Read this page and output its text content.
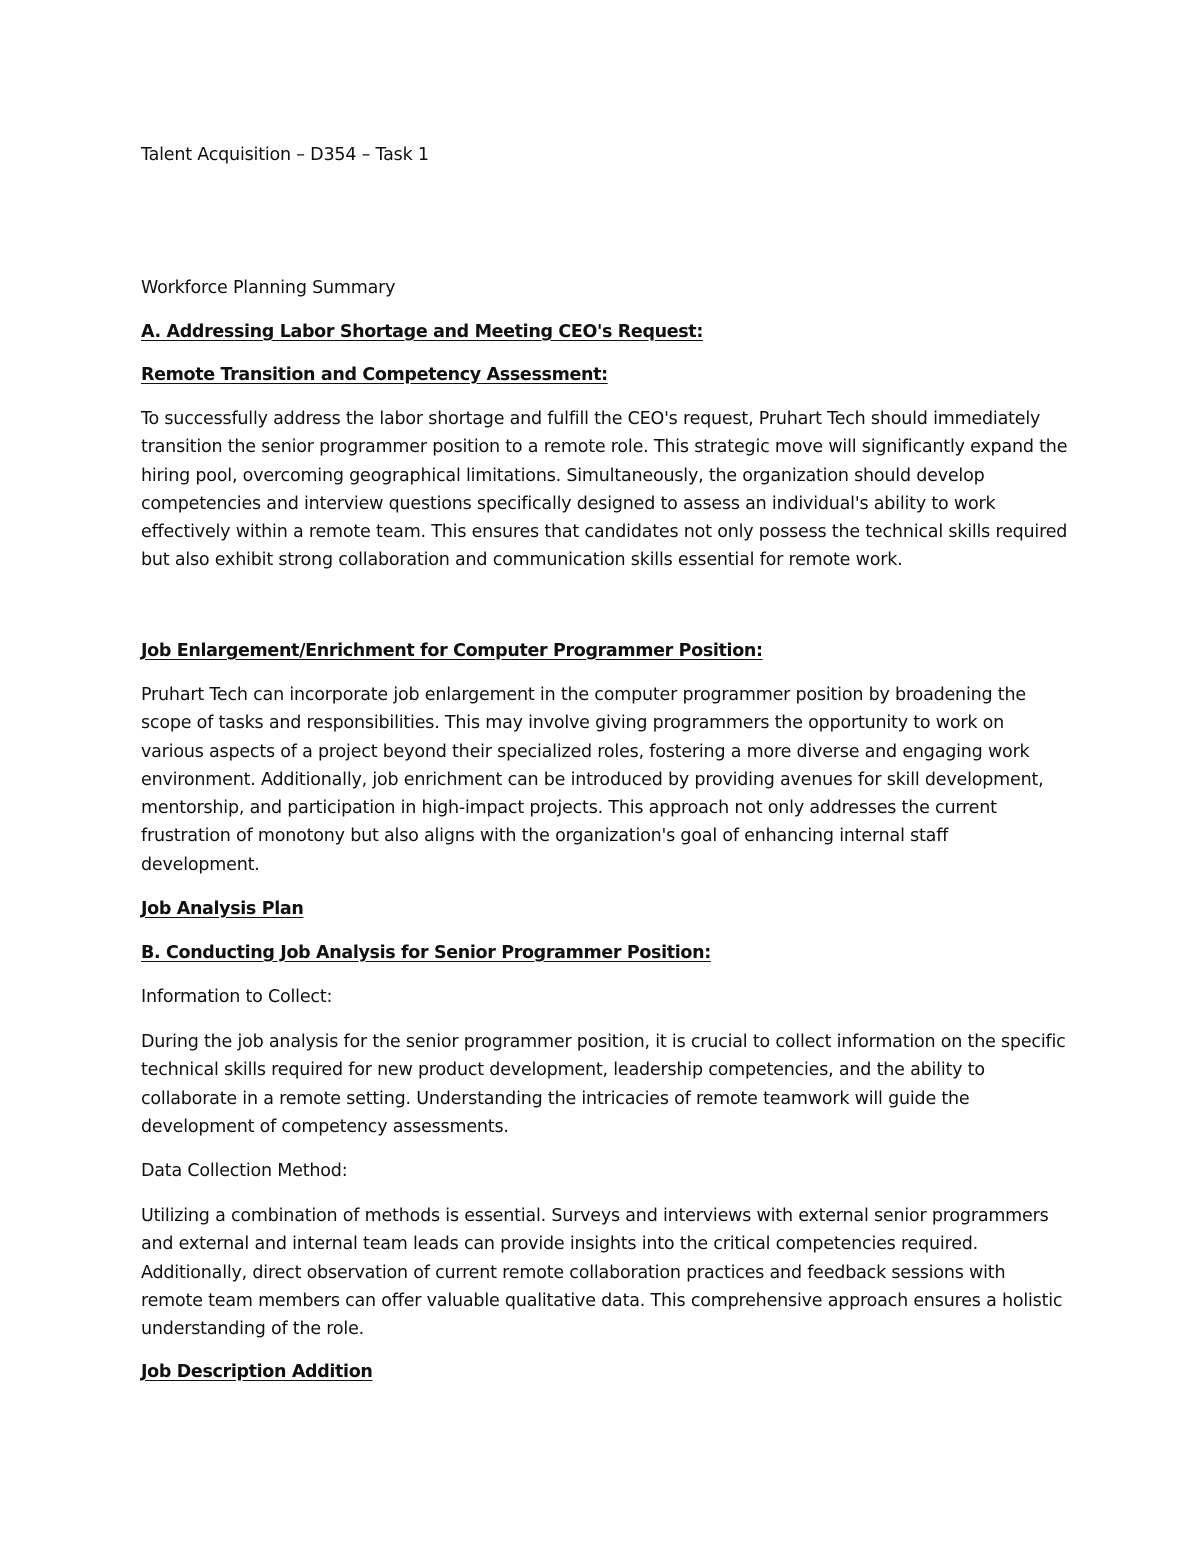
Talent Acquisition – D354 – Task 1

Workforce Planning Summary

A. Addressing Labor Shortage and Meeting CEO's Request:

Remote Transition and Competency Assessment:

To successfully address the labor shortage and fulfill the CEO's request, Pruhart Tech should immediately transition the senior programmer position to a remote role. This strategic move will significantly expand the hiring pool, overcoming geographical limitations. Simultaneously, the organization should develop competencies and interview questions specifically designed to assess an individual's ability to work effectively within a remote team. This ensures that candidates not only possess the technical skills required but also exhibit strong collaboration and communication skills essential for remote work.

Job Enlargement/Enrichment for Computer Programmer Position:

Pruhart Tech can incorporate job enlargement in the computer programmer position by broadening the scope of tasks and responsibilities. This may involve giving programmers the opportunity to work on various aspects of a project beyond their specialized roles, fostering a more diverse and engaging work environment. Additionally, job enrichment can be introduced by providing avenues for skill development, mentorship, and participation in high-impact projects. This approach not only addresses the current frustration of monotony but also aligns with the organization's goal of enhancing internal staff development.

Job Analysis Plan

B. Conducting Job Analysis for Senior Programmer Position:

Information to Collect:

During the job analysis for the senior programmer position, it is crucial to collect information on the specific technical skills required for new product development, leadership competencies, and the ability to collaborate in a remote setting. Understanding the intricacies of remote teamwork will guide the development of competency assessments.

Data Collection Method:

Utilizing a combination of methods is essential. Surveys and interviews with external senior programmers and external and internal team leads can provide insights into the critical competencies required. Additionally, direct observation of current remote collaboration practices and feedback sessions with remote team members can offer valuable qualitative data. This comprehensive approach ensures a holistic understanding of the role.

Job Description Addition
